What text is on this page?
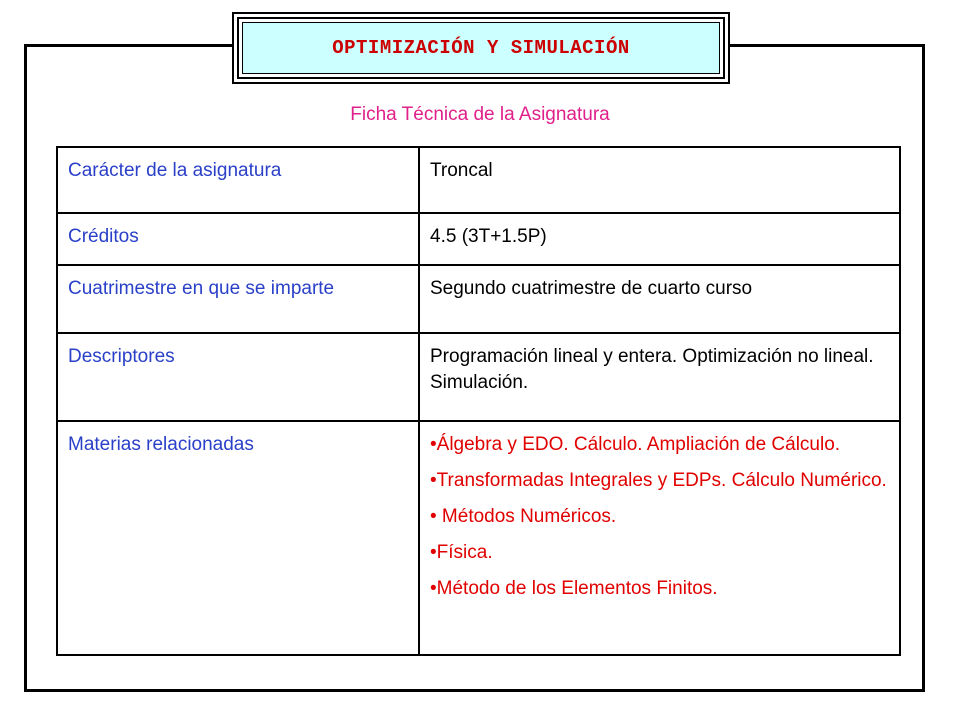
OPTIMIZACIÓN Y SIMULACIÓN
Ficha Técnica de la Asignatura
Carácter de la asignatura	Troncal
Créditos	4.5 (3T+1.5P)
Cuatrimestre en que se imparte	Segundo cuatrimestre de cuarto curso
Descriptores	Programación lineal y entera. Optimización no lineal. Simulación.
Materias relacionadas	•Álgebra y EDO. Cálculo. Ampliación de Cálculo.
•Transformadas Integrales y EDPs. Cálculo Numérico.
• Métodos Numéricos.
•Física.
•Método de los Elementos Finitos.
